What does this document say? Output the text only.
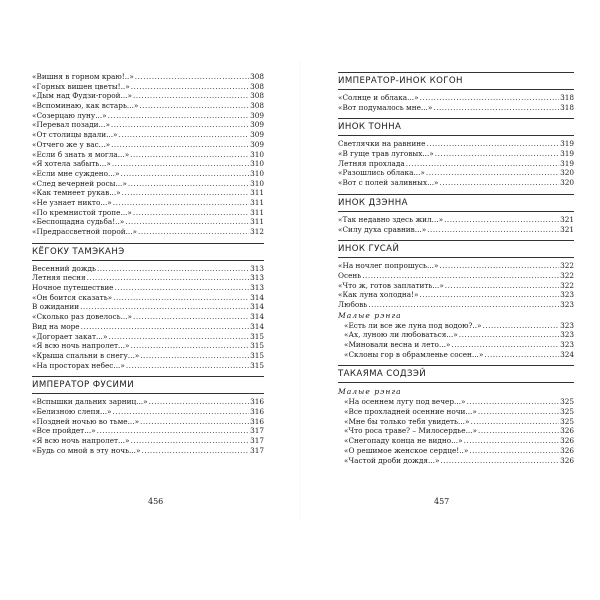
«Вишня в горном краю!..» .....	308
«Горных вишен цветы!..» .....	308
«Дым над Фудзи-горой...» .....	308
«Вспоминаю, как встарь...» .....	308
«Созерцаю луну...» .....	309
«Перевал позади...» .....	309
«От столицы вдали...» .....	309
«Отчего же у вас...» .....	309
«Если б знать я могла...» .....	310
«Я хотела забыть...» .....	310
«Если мне суждено...» .....	310
«След вечерней росы...» .....	310
«Как темнеет рукав...» .....	311
«Не узнает никто...» .....	311
«По кремнистой тропе...» .....	311
«Беспощадна судьба!..» .....	311
«Предрассветной порой...» .....	312
КЁГОКУ ТАМЭКАНЭ
Весенний дождь .....	313
Летняя песня .....	313
Ночное путешествие .....	313
«Он боится сказать» .....	314
В ожидании .....	314
«Сколько раз довелось...» .....	314
Вид на море .....	314
«Догорает закат...» .....	315
«Я всю ночь напролет...» .....	315
«Крыша спальни в снегу...» .....	315
«На просторах небес...» .....	315
ИМПЕРАТОР ФУСИМИ
«Вспышки дальних зарниц...» .....	316
«Белизною слепя...» .....	316
«Поздней ночью во тьме...» .....	316
«Все пройдет...» .....	317
«Я всю ночь напролет...» .....	317
«Будь со мной в эту ночь...» .....	317
456
ИМПЕРАТОР-ИНОК КОГОН
«Солнце и облака...» .....	318
«Вот подумалось мне...» .....	318
ИНОК ТОННА
Светлячки на равнине .....	319
«В гуще трав луговых...» .....	319
Летняя прохлада .....	319
«Разошлись облака...» .....	320
«Вот с полей заливных...» .....	320
ИНОК ДЗЭННА
«Так недавно здесь жил...» .....	321
«Силу духа сравнив...» .....	321
ИНОК ГУСАЙ
«На ночлег попрошусь...» .....	322
Осень .....	322
«Что ж, готов заплатить...» .....	322
«Как луна холодна!» .....	323
Любовь .....	323
Малые рэнга
«Есть ли все же луна под водою?..» .....	323
«Ах, луною ли любоваться...» .....	323
«Миновали весна и лето...» .....	323
«Склоны гор в обрамленье сосен...» .....	324
ТАКАЯМА СОДЗЭЙ
Малые рэнга
«На осеннем лугу под вечер...» .....	325
«Все прохладней осенние ночи...» .....	325
«Мне бы только тебя увидеть...» .....	325
«Что роса траве? – Милосердье...» .....	326
«Снегопаду конца не видно...» .....	326
«О решимое женское сердце!..» .....	326
«Частой дроби дождя...» .....	326
457
